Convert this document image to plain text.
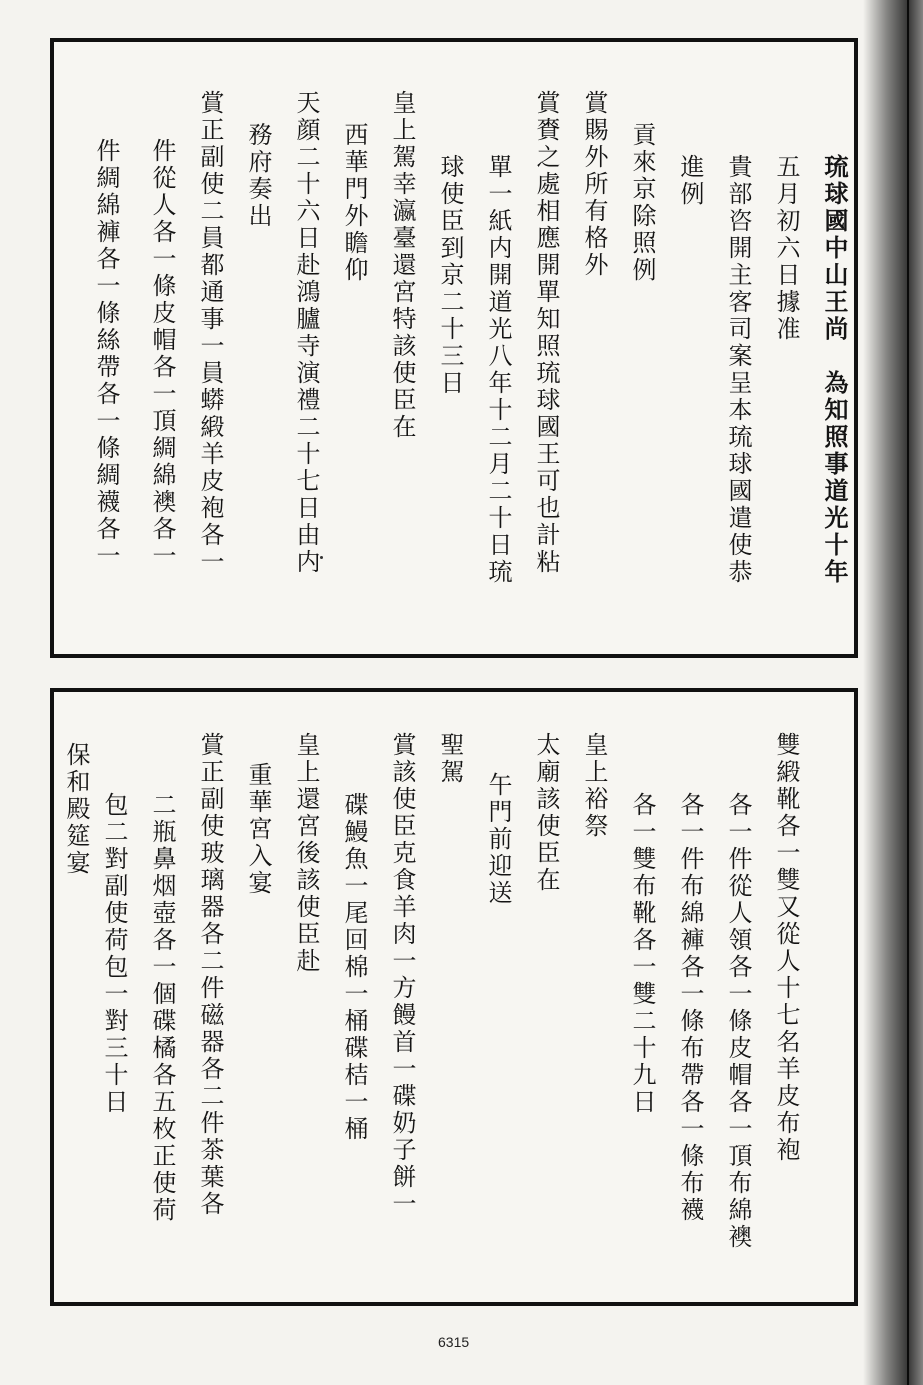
琉球國中山王尚　為知照事道光十年
五月初六日據准
貴部咨開主客司案呈本琉球國遣使恭
進例
貢來京除照例
賞賜外所有格外
賞賚之處相應開單知照琉球國王可也計粘
單一紙内開道光八年十二月二十日琉
球使臣到京二十三日
皇上駕幸瀛臺還宮特該使臣在
西華門外瞻仰
天顔二十六日赴鴻臚寺演禮二十七日由内
務府奏出
賞正副使二員都通事一員蟒緞羊皮袍各一
件從人各一條皮帽各一頂綢綿襖各一
件綢綿褲各一條絲帶各一條綢襪各一
雙緞靴各一雙又從人十七名羊皮布袍
各一件從人領各一條皮帽各一頂布綿襖
各一件布綿褲各一條布帶各一條布襪
各一雙布靴各一雙二十九日
皇上裕祭
太廟該使臣在
午門前迎送
聖駕
賞該使臣克食羊肉一方饅首一碟奶子餅一
碟鰻魚一尾回棉一桶碟桔一桶
皇上還宮後該使臣赴
重華宮入宴
賞正副使玻璃器各二件磁器各二件茶葉各
二瓶鼻烟壺各一個碟橘各五枚正使荷
包二對副使荷包一對三十日
保和殿筵宴
6315
